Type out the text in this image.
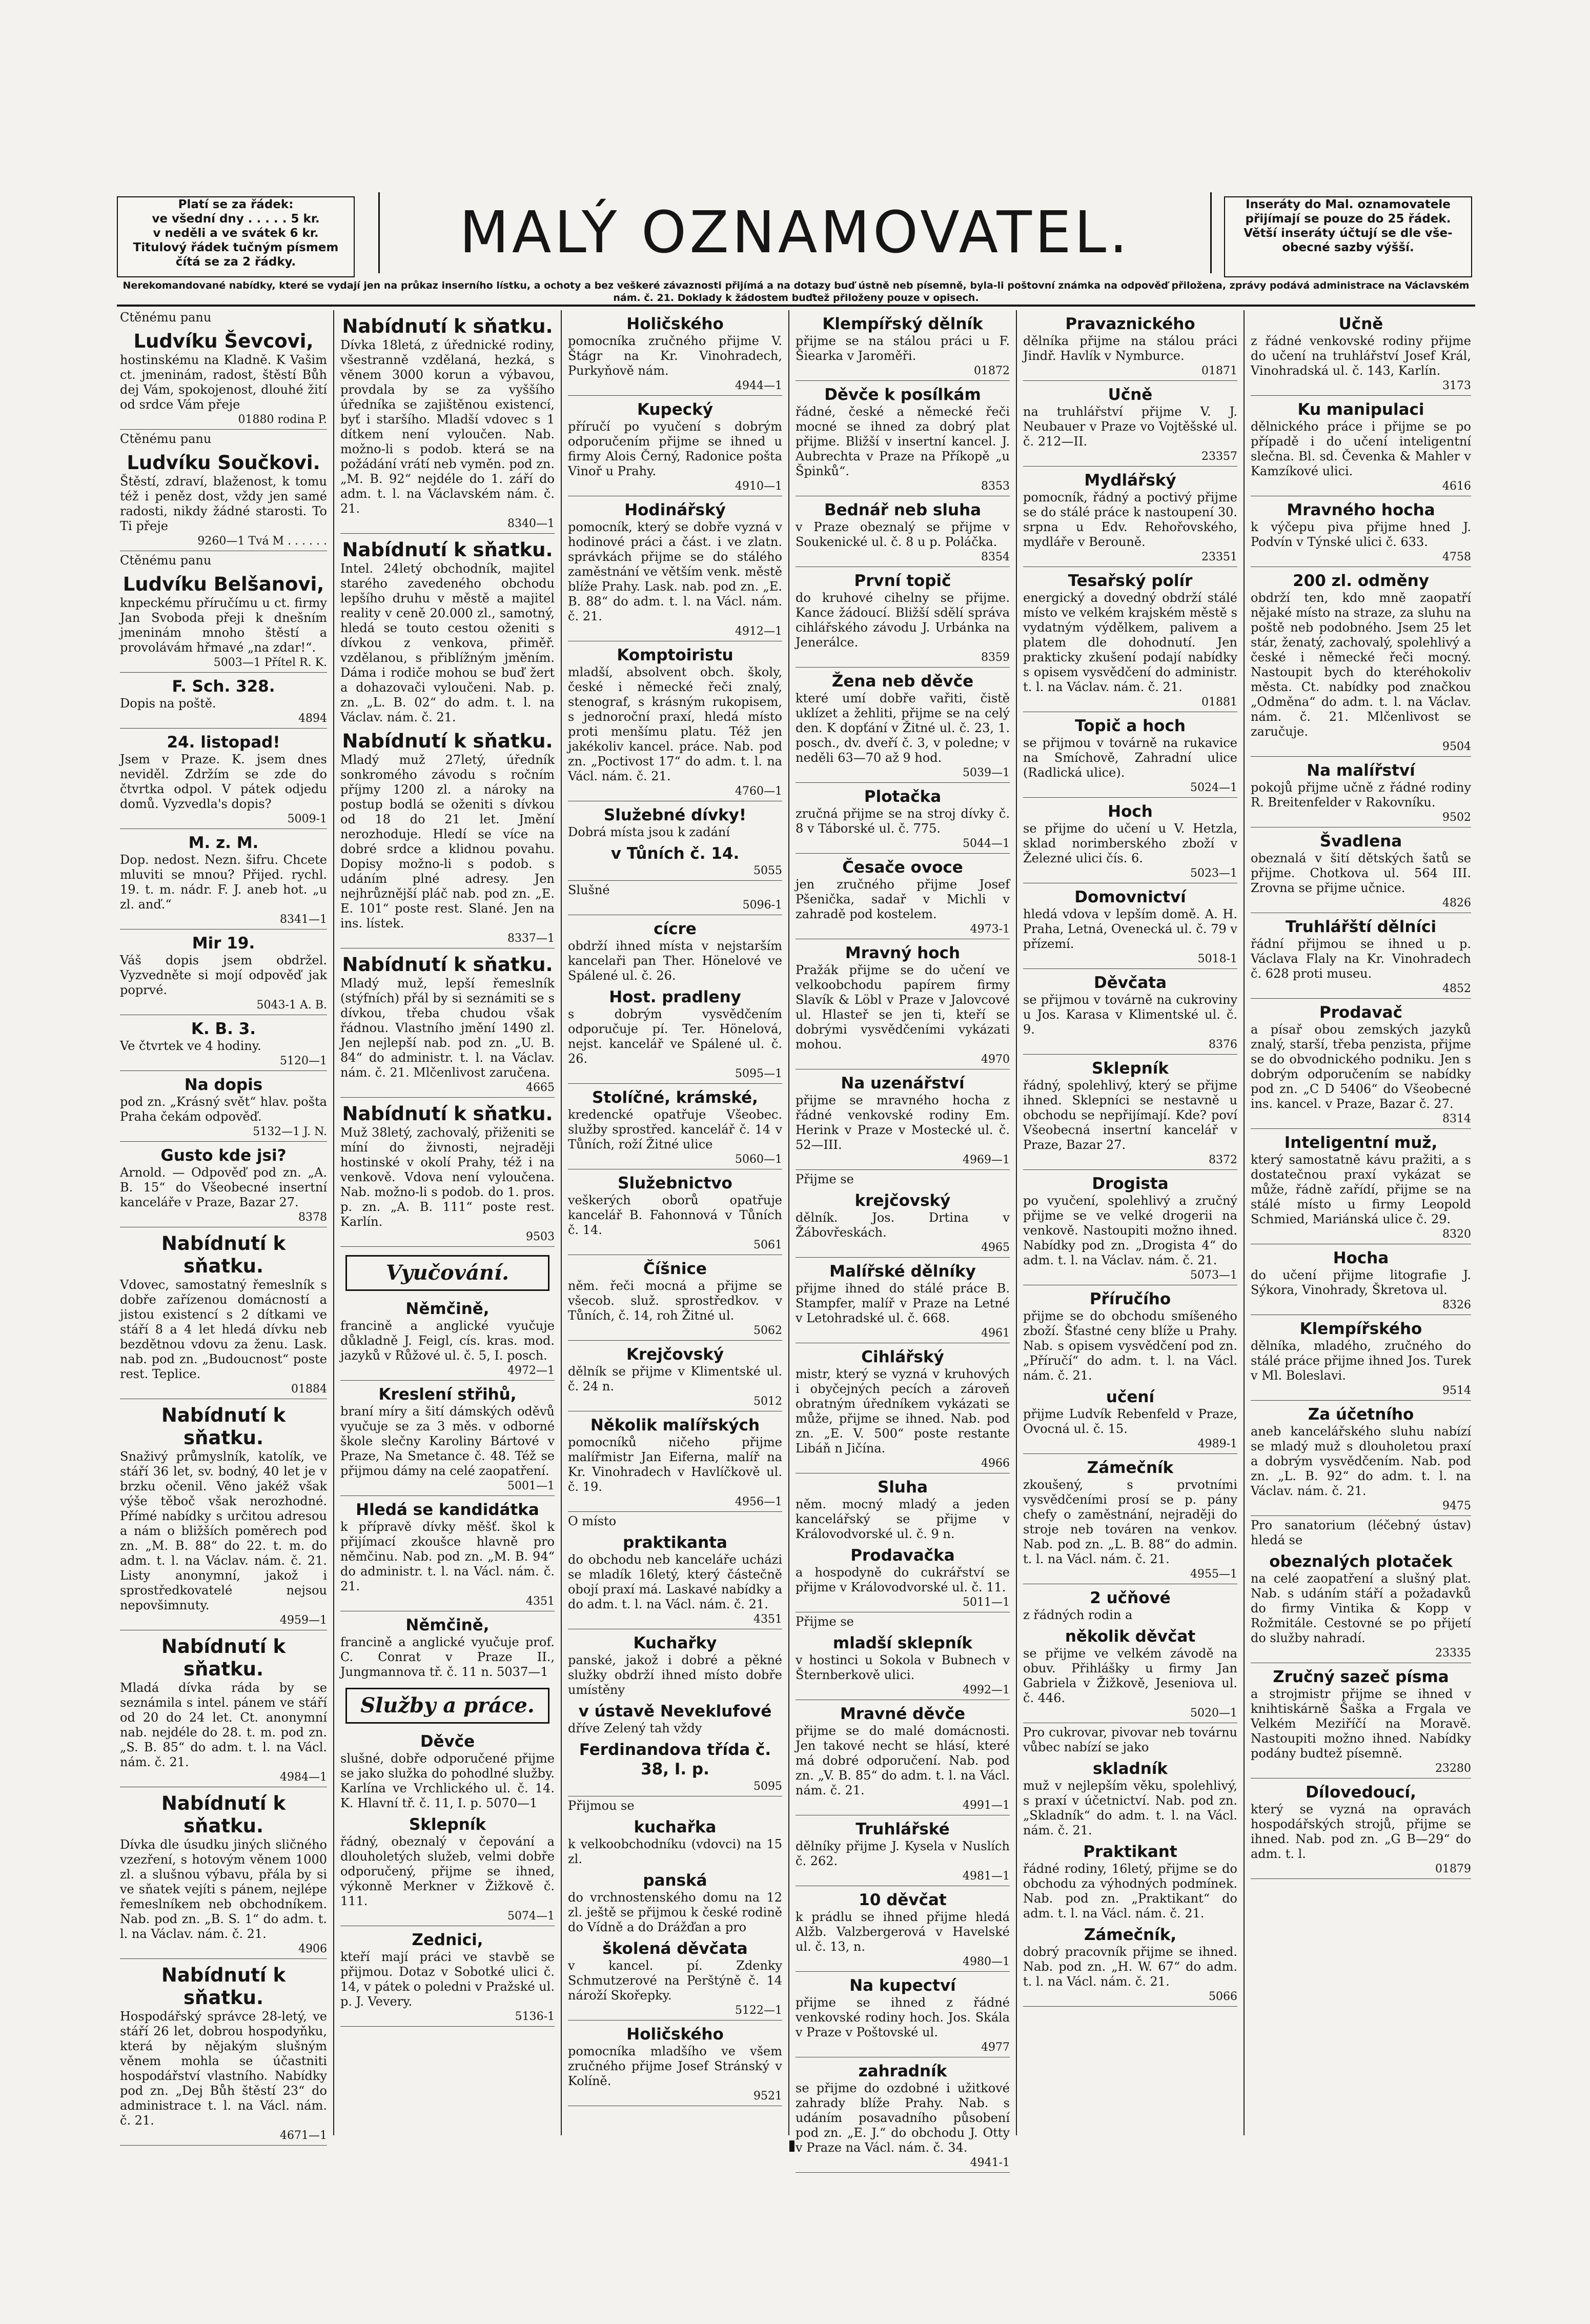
Platí se za řádek:
ve všední dny . . . . . 5 kr.
v neděli a ve svátek 6 kr.
Titulový řádek tučným písmem
čítá se za 2 řádky.	MALÝ OZNAMOVATEL.	Inseráty do Mal. oznamovatele
přijímají se pouze do 25 řádek.
Větší inseráty účtují se dle vše-
obecné sazby výšší.
Nerekomandované nabídky, které se vydají jen na průkaz inserního lístku, a ochoty a bez veškeré závaznosti přijímá a na dotazy buď ústně neb písemně, byla-li poštovní známka na odpověď přiložena, zprávy podává administrace na Václavském nám. č. 21. Doklady k žádostem buďtež přiloženy pouze v opisech.
Ctěnému panu
Ludvíku Ševcovi,
hostinskému na Kladně. K Vašim ct. jmeninám, radost, štěstí Bůh dej Vám, spokojenost, dlouhé žití od srdce Vám přeje
01880 rodina P.
Ctěnému panu
Ludvíku Součkovi.
Štěstí, zdraví, blaženost, k tomu též i peněz dost, vždy jen samé radosti, nikdy žádné starosti. To Ti přeje
9260—1 Tvá M . . . . . .
Ctěnému panu
Ludvíku Belšanovi,
knpeckému příručímu u ct. firmy Jan Svoboda přeji k dnešním jmeninám mnoho štěstí a provolávám hřmavé „na zdar!“.
5003—1 Přítel R. K.
F. Sch. 328.
Dopis na poště.
4894
24. listopad!
Jsem v Praze. K. jsem dnes neviděl. Zdržím se zde do čtvrtka odpol. V pátek odjedu domů. Vyzvedla's dopis?
5009-1
M. z. M.
Dop. nedost. Nezn. šifru. Chcete mluviti se mnou? Přijed. rychl. 19. t. m. nádr. F. J. aneb hot. „u zl. anď.“
8341—1
Mir 19.
Váš dopis jsem obdržel. Vyzvedněte si mojí odpověď jak poprvé.
5043-1 A. B.
K. B. 3.
Ve čtvrtek ve 4 hodiny.
5120—1
Na dopis
pod zn. „Krásný svět“ hlav. pošta Praha čekám odpověď.
5132—1 J. N.
Gusto kde jsi?
Arnold. — Odpověď pod zn. „A. B. 15“ do Všeobecné insertní kanceláře v Praze, Bazar 27.
8378
Nabídnutí k sňatku.
Vdovec, samostatný řemeslník s dobře zařízenou domácností a jistou existencí s 2 dítkami ve stáří 8 a 4 let hledá dívku neb bezdětnou vdovu za ženu. Lask. nab. pod zn. „Budoucnost“ poste rest. Teplice.
01884
Nabídnutí k sňatku.
Snaživý průmyslník, katolík, ve stáří 36 let, sv. bodný, 40 let je v brzku očenil. Věno jakéž však výše těboč však nerozhodné. Přímé nabídky s určitou adresou a nám o bližších poměrech pod zn. „M. B. 88“ do 22. t. m. do adm. t. l. na Václav. nám. č. 21. Listy anonymní, jakož i sprostředkovatelé nejsou nepovšimnuty.
4959—1
Nabídnutí k sňatku.
Mladá dívka ráda by se seznámila s intel. pánem ve stáří od 20 do 24 let. Ct. anonymní nab. nejdéle do 28. t. m. pod zn. „S. B. 85“ do adm. t. l. na Václ. nám. č. 21.
4984—1
Nabídnutí k sňatku.
Dívka dle úsudku jiných sličného vzezření, s hotovým věnem 1000 zl. a slušnou výbavu, přála by si ve sňatek vejíti s pánem, nejlépe řemeslníkem neb obchodníkem. Nab. pod zn. „B. S. 1“ do adm. t. l. na Václav. nám. č. 21.
4906
Nabídnutí k sňatku.
Hospodářský správce 28-letý, ve stáří 26 let, dobrou hospodyňku, která by nějakým slušným věnem mohla se účastniti hospodářství vlastního. Nabídky pod zn. „Dej Bůh štěstí 23“ do administrace t. l. na Václ. nám. č. 21.
4671—1
Nabídnutí k sňatku.
Dívka 18letá, z úřednické rodiny, všestranně vzdělaná, hezká, s věnem 3000 korun a výbavou, provdala by se za vyššího úředníka se zajištěnou existencí, byť i staršího. Mladší vdovec s 1 dítkem není vyloučen. Nab. možno-li s podob. která se na požádání vrátí neb vyměn. pod zn. „M. B. 92“ nejdéle do 1. září do adm. t. l. na Václavském nám. č. 21.
8340—1
Nabídnutí k sňatku.
Intel. 24letý obchodník, majitel starého zavedeného obchodu lepšího druhu v městě a majitel reality v ceně 20.000 zl., samotný, hledá se touto cestou oženiti s dívkou z venkova, přiměř. vzdělanou, s přiblížným jměním. Dáma i rodiče mohou se buď žert a dohazovači vyloučeni. Nab. p. zn. „L. B. 02“ do adm. t. l. na Václav. nám. č. 21.
Nabídnutí k sňatku.
Mladý muž 27letý, úředník sonkromého závodu s ročním příjmy 1200 zl. a nároky na postup bodlá se oženiti s dívkou od 18 do 21 let. Jmění nerozhoduje. Hledí se více na dobré srdce a klidnou povahu. Dopisy možno-li s podob. s udáním plné adresy. Jen nejhrůznější pláč nab. pod zn. „E. E. 101“ poste rest. Slané. Jen na ins. lístek.
8337—1
Nabídnutí k sňatku.
Mladý muž, lepší řemeslník (stýfních) přál by si seznámiti se s dívkou, třeba chudou však řádnou. Vlastního jmění 1490 zl. Jen nejlepší nab. pod zn. „U. B. 84“ do administr. t. l. na Václav. nám. č. 21. Mlčenlivost zaručena.
4665
Nabídnutí k sňatku.
Muž 38letý, zachovalý, přiženiti se míní do živnosti, nejraději hostinské v okolí Prahy, též i na venkově. Vdova není vyloučena. Nab. možno-li s podob. do 1. pros. p. zn. „A. B. 111“ poste rest. Karlín.
9503
Vyučování.
Němčině,
francině a anglické vyučuje důkladně J. Feigl, cís. kras. mod. jazyků v Růžové ul. č. 5, I. posch.
4972—1
Kreslení střihů,
braní míry a šití dámských oděvů vyučuje se za 3 měs. v odborné škole slečny Karoliny Bártové v Praze, Na Smetance č. 48. Též se přijmou dámy na celé zaopatření.
5001—1
Hledá se kandidátka
k přípravě dívky měšť. škol k přijímací zkoušce hlavně pro němčinu. Nab. pod zn. „M. B. 94“ do administr. t. l. na Václ. nám. č. 21.
4351
Němčině,
francině a anglické vyučuje prof. C. Conrat v Praze II., Jungmannova tř. č. 11 n. 5037—1
Služby a práce.
Děvče
slušné, dobře odporučené přijme se jako služka do pohodlné služby. Karlína ve Vrchlického ul. č. 14. K. Hlavní tř. č. 11, I. p. 5070—1
Sklepník
řádný, obeznalý v čepování a dlouholetých služeb, velmi dobře odporučený, přijme se ihned, výkonně Merkner v Žižkově č. 111.
5074—1
Zednici,
kteří mají práci ve stavbě se přijmou. Dotaz v Sobotké ulici č. 14, v pátek o poledni v Pražské ul. p. J. Vevery.
5136-1
Holičského
pomocníka zručného přijme V. Štágr na Kr. Vinohradech, Purkyňově nám.
4944—1
Kupecký
příručí po vyučení s dobrým odporučením přijme se ihned u firmy Alois Černý, Radonice pošta Vinoř u Prahy.
4910—1
Hodinářský
pomocník, který se dobře vyzná v hodinové práci a část. i ve zlatn. správkách přijme se do stálého zaměstnání ve větším venk. městě blíže Prahy. Lask. nab. pod zn. „E. B. 88“ do adm. t. l. na Václ. nám. č. 21.
4912—1
Komptoiristu
mladší, absolvent obch. školy, české i německé řeči znalý, stenograf, s krásným rukopisem, s jednoroční praxí, hledá místo proti menšímu platu. Též jen jakékoliv kancel. práce. Nab. pod zn. „Poctivost 17“ do adm. t. l. na Václ. nám. č. 21.
4760—1
Služebné dívky!
Dobrá místa jsou k zadání
v Tůních č. 14.
5055
Slušné
5096-1
cícre
obdrží ihned místa v nejstarším kancelaři pan Ther. Hönelové ve Spálené ul. č. 26.
Host. pradleny
s dobrým vysvědčením odporučuje pí. Ter. Hönelová, nejst. kancelář ve Spálené ul. č. 26.
5095—1
Stolíčné, krámské,
kredencké opatřuje Všeobec. služby sprostřed. kancelář č. 14 v Tůních, roží Žitné ulice
5060—1
Služebnictvo
veškerých oborů opatřuje kancelář B. Fahonnová v Tůních č. 14.
5061
Číšnice
něm. řeči mocná a přijme se všecob. služ. sprostředkov. v Tůních, č. 14, roh Žitné ul.
5062
Krejčovský
dělník se přijme v Klimentské ul. č. 24 n.
5012
Několik malířských
pomocníků ničeho přijme malířmistr Jan Eiferna, malíř na Kr. Vinohradech v Havlíčkově ul. č. 19.
4956—1
O místo
praktikanta
do obchodu neb kanceláře ucházi se mladík 16letý, který částečně obojí praxí má. Laskavé nabídky a do adm. t. l. na Václ. nám. č. 21.
4351
Kuchařky
panské, jakož i dobré a pěkné služky obdrží ihned místo dobře umístěny
v ústavě Neveklufové
dříve Zelený tah vždy
Ferdinandova třída č. 38, I. p.
5095
Přijmou se
kuchařka
k velkoobchodníku (vdovci) na 15 zl.
panská
do vrchnostenského domu na 12 zl. ještě se přijmou k české rodině do Vídně a do Drážďan a pro
školená děvčata
v kancel. pí. Zdenky Schmutzerové na Perštýně č. 14 nároží Skořepky.
5122—1
Holičského
pomocníka mladšího ve všem zručného přijme Josef Stránský v Kolíně.
9521
Klempířský dělník
přijme se na stálou práci u F. Šiearka v Jaroměři.
01872
Děvče k posílkám
řádné, české a německé řeči mocné se ihned za dobrý plat přijme. Bližší v insertní kancel. J. Aubrechta v Praze na Příkopě „u Špinků“.
8353
Bednář neb sluha
v Praze obeznalý se přijme v Soukenické ul. č. 8 u p. Poláčka.
8354
První topič
do kruhové cihelny se přijme. Kance žádoucí. Bližší sdělí správa cihlářského závodu J. Urbánka na Jenerálce.
8359
Žena neb děvče
které umí dobře vařiti, čistě uklízet a žehliti, přijme se na celý den. K dopťání v Žitné ul. č. 23, 1. posch., dv. dveří č. 3, v poledne; v neděli 63—70 až 9 hod.
5039—1
Plotačka
zručná přijme se na stroj dívky č. 8 v Táborské ul. č. 775.
5044—1
Česače ovoce
jen zručného přijme Josef Pšenička, sadař v Michli v zahradě pod kostelem.
4973-1
Mravný hoch
Pražák přijme se do učení ve velkoobchodu papírem firmy Slavík & Löbl v Praze v Jalovcové ul. Hlasteř se jen ti, kteří se dobrými vysvědčeními vykázati mohou.
4970
Na uzenářství
přijme se mravného hocha z řádné venkovské rodiny Em. Herink v Praze v Mostecké ul. č. 52—III.
4969—1
Přijme se
krejčovský
dělník. Jos. Drtina v Žábovřeskách.
4965
Malířské dělníky
přijme ihned do stálé práce B. Stampfer, malíř v Praze na Letné v Letohradské ul. č. 668.
4961
Cihlářský
mistr, který se vyzná v kruhových i obyčejných pecích a zároveň obratným úředníkem vykázati se může, přijme se ihned. Nab. pod zn. „E. V. 500“ poste restante Libáň n Jičína.
4966
Sluha
něm. mocný mladý a jeden kancelářský se přijme v Královodvorské ul. č. 9 n.
Prodavačka
a hospodyně do cukrářství se přijme v Královodvorské ul. č. 11.
5011—1
Přijme se
mladší sklepník
v hostinci u Sokola v Bubnech v Šternberkově ulici.
4992—1
Mravné děvče
přijme se do malé domácnosti. Jen takové necht se hlásí, které má dobré odporučení. Nab. pod zn. „V. B. 85“ do adm. t. l. na Václ. nám. č. 21.
4991—1
Truhlářské
dělníky přijme J. Kysela v Nuslích č. 262.
4981—1
10 děvčat
k prádlu se ihned přijme hledá Alžb. Valzbergerová v Havelské ul. č. 13, n.
4980—1
Na kupectví
přijme se ihned z řádné venkovské rodiny hoch. Jos. Skála v Praze v Poštovské ul.
4977
zahradník
se přijme do ozdobné i užitkové zahrady blíže Prahy. Nab. s udáním posavadního působení pod zn. „E. J.“ do obchodu J. Otty v Praze na Václ. nám. č. 34.
4941-1
Pravaznického
dělníka přijme na stálou práci Jindř. Havlík v Nymburce.
01871
Učně
na truhlářství přijme V. J. Neubauer v Praze vo Vojtěšské ul. č. 212—II.
23357
Mydlářský
pomocník, řádný a poctivý přijme se do stálé práce k nastoupení 30. srpna u Edv. Rehořovského, mydláře v Berouně.
23351
Tesařský polír
energický a dovedný obdrží stálé místo ve velkém krajském městě s vydatným výdělkem, palivem a platem dle dohodnutí. Jen prakticky zkušení podají nabídky s opisem vysvědčení do administr. t. l. na Václav. nám. č. 21.
01881
Topič a hoch
se přijmou v továrně na rukavice na Smíchově, Zahradní ulice (Radlická ulice).
5024—1
Hoch
se přijme do učení u V. Hetzla, sklad norimberského zboží v Železné ulici čís. 6.
5023—1
Domovnictví
hledá vdova v lepším domě. A. H. Praha, Letná, Ovenecká ul. č. 79 v přízemí.
5018-1
Děvčata
se přijmou v továrně na cukroviny u Jos. Karasa v Klimentské ul. č. 9.
8376
Sklepník
řádný, spolehlivý, který se přijme ihned. Sklepníci se nestavně u obchodu se nepřijímají. Kde? poví Všeobecná insertní kancelář v Praze, Bazar 27.
8372
Drogista
po vyučení, spolehlivý a zručný přijme se ve velké drogerii na venkově. Nastoupiti možno ihned. Nabídky pod zn. „Drogista 4“ do adm. t. l. na Václav. nám. č. 21.
5073—1
Příručího
přijme se do obchodu smíšeného zboží. Šťastné ceny blíže u Prahy. Nab. s opisem vysvědčení pod zn. „Příručí“ do adm. t. l. na Václ. nám. č. 21.
učení
přijme Ludvík Rebenfeld v Praze, Ovocná ul. č. 15.
4989-1
Zámečník
zkoušený, s prvotními vysvědčeními prosí se p. pány chefy o zaměstnání, nejraději do stroje neb továren na venkov. Nab. pod zn. „L. B. 88“ do admin. t. l. na Václ. nám. č. 21.
4955—1
2 učňové
z řádných rodin a
několik děvčat
se přijme ve velkém závodě na obuv. Přihlášky u firmy Jan Gabriela v Žižkově, Jeseniova ul. č. 446.
5020—1
Pro cukrovar, pivovar neb továrnu vůbec nabízí se jako
skladník
muž v nejlepším věku, spolehlivý, s praxí v účetnictví. Nab. pod zn. „Skladník“ do adm. t. l. na Václ. nám. č. 21.
Praktikant
řádné rodiny, 16letý, přijme se do obchodu za výhodných podmínek. Nab. pod zn. „Praktikant“ do adm. t. l. na Václ. nám. č. 21.
Zámečník,
dobrý pracovník přijme se ihned. Nab. pod zn. „H. W. 67“ do adm. t. l. na Václ. nám. č. 21.
5066
Učně
z řádné venkovské rodiny přijme do učení na truhlářství Josef Král, Vinohradská ul. č. 143, Karlín.
3173
Ku manipulaci
dělnického práce i přijme se po případě i do učení inteligentní slečna. Bl. sd. Čevenka & Mahler v Kamzíkové ulici.
4616
Mravného hocha
k výčepu piva přijme hned J. Podvín v Týnské ulici č. 633.
4758
200 zl. odměny
obdrží ten, kdo mně zaopatří nějaké místo na straze, za sluhu na poště neb podobného. Jsem 25 let stár, ženatý, zachovalý, spolehlivý a české i německé řeči mocný. Nastoupit bych do kteréhokoliv města. Ct. nabídky pod značkou „Odměna“ do adm. t. l. na Václav. nám. č. 21. Mlčenlivost se zaručuje.
9504
Na malířství
pokojů přijme učně z řádné rodiny R. Breitenfelder v Rakovníku.
9502
Švadlena
obeznalá v šití dětských šatů se přijme. Chotkova ul. 564 III. Zrovna se přijme učnice.
4826
Truhlářští dělníci
řádní přijmou se ihned u p. Václava Flaly na Kr. Vinohradech č. 628 proti museu.
4852
Prodavač
a písař obou zemských jazyků znalý, starší, třeba penzista, přijme se do obvodnického podniku. Jen s dobrým odporučením se nabídky pod zn. „C D 5406“ do Všeobecné ins. kancel. v Praze, Bazar č. 27.
8314
Inteligentní muž,
který samostatně kávu pražiti, a s dostatečnou praxí vykázat se může, řádně zařídí, přijme se na stálé místo u firmy Leopold Schmied, Mariánská ulice č. 29.
8320
Hocha
do učení přijme litografie J. Sýkora, Vinohrady, Škretova ul.
8326
Klempířského
dělníka, mladého, zručného do stálé práce přijme ihned Jos. Turek v Ml. Boleslavi.
9514
Za účetního
aneb kancelářského sluhu nabízí se mladý muž s dlouholetou praxí a dobrým vysvědčením. Nab. pod zn. „L. B. 92“ do adm. t. l. na Václav. nám. č. 21.
9475
Pro sanatorium (léčebný ústav) hledá se
obeznalých plotaček
na celé zaopatření a slušný plat. Nab. s udáním stáří a požadavků do firmy Vintika & Kopp v Rožmitále. Cestovné se po přijetí do služby nahradí.
23335
Zručný sazeč písma
a strojmistr přijme se ihned v knihtiskárně Šaška a Frgala ve Velkém Meziříčí na Moravě. Nastoupiti možno ihned. Nabídky podány budtež písemně.
23280
Dílovedoucí,
který se vyzná na opravách hospodářských strojů, přijme se ihned. Nab. pod zn. „G B—29“ do adm. t. l.
01879
